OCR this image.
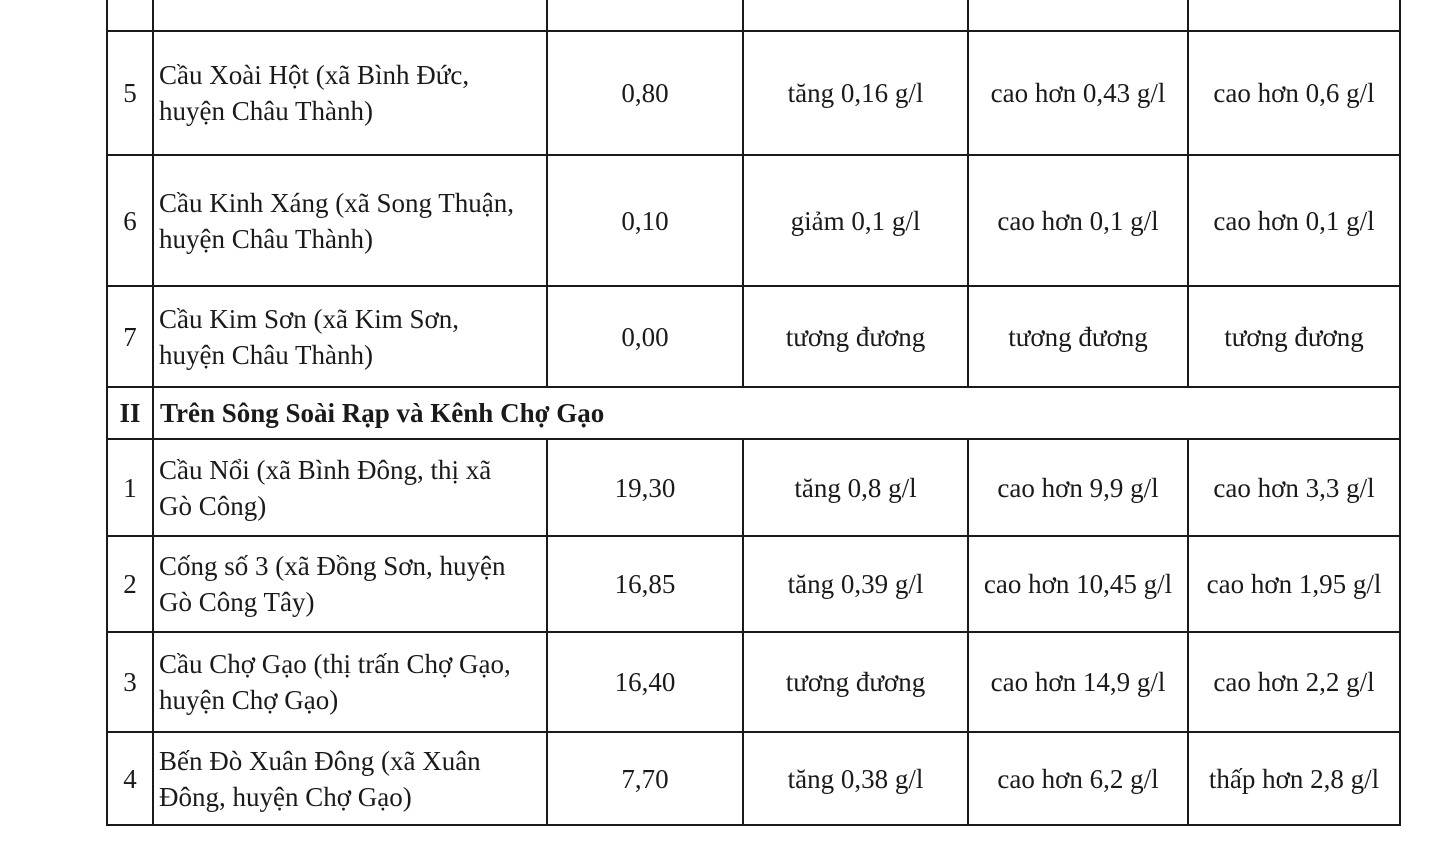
5	Cầu Xoài Hột (xã Bình Đức,
huyện Châu Thành)	0,80	tăng 0,16 g/l	cao hơn 0,43 g/l	cao hơn 0,6 g/l
6	Cầu Kinh Xáng (xã Song Thuận,
huyện Châu Thành)	0,10	giảm 0,1 g/l	cao hơn 0,1 g/l	cao hơn 0,1 g/l
7	Cầu Kim Sơn (xã Kim Sơn,
huyện Châu Thành)	0,00	tương đương	tương đương	tương đương
II	Trên Sông Soài Rạp và Kênh Chợ Gạo				
1	Cầu Nổi (xã Bình Đông, thị xã
Gò Công)	19,30	tăng 0,8 g/l	cao hơn 9,9 g/l	cao hơn 3,3 g/l
2	Cống số 3 (xã Đồng Sơn, huyện
Gò Công Tây)	16,85	tăng 0,39 g/l	cao hơn 10,45 g/l	cao hơn 1,95 g/l
3	Cầu Chợ Gạo (thị trấn Chợ Gạo,
huyện Chợ Gạo)	16,40	tương đương	cao hơn 14,9 g/l	cao hơn 2,2 g/l
4	Bến Đò Xuân Đông (xã Xuân
Đông, huyện Chợ Gạo)	7,70	tăng 0,38 g/l	cao hơn 6,2 g/l	thấp hơn 2,8 g/l
